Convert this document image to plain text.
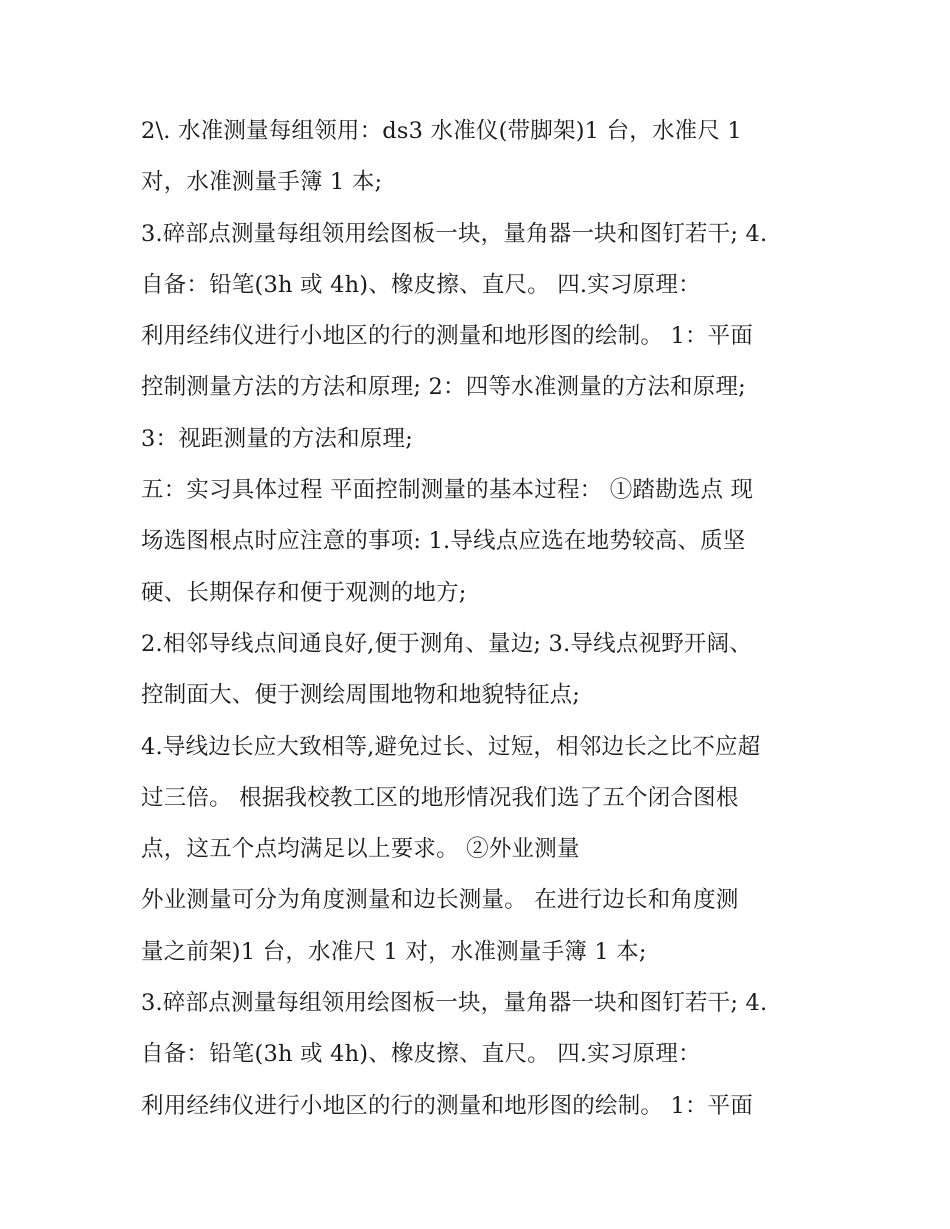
2\. 水准测量每组领用：ds3 水准仪(带脚架)1 台，水准尺 1
对，水准测量手簿 1 本;
3.碎部点测量每组领用绘图板一块，量角器一块和图钉若干; 4.
自备：铅笔(3h 或 4h)、橡皮擦、直尺。 四.实习原理：
利用经纬仪进行小地区的行的测量和地形图的绘制。 1：平面
控制测量方法的方法和原理; 2：四等水准测量的方法和原理;
3：视距测量的方法和原理;
五：实习具体过程 平面控制测量的基本过程： ①踏勘选点 现
场选图根点时应注意的事项: 1.导线点应选在地势较高、质坚
硬、长期保存和便于观测的地方;
2.相邻导线点间通良好,便于测角、量边; 3.导线点视野开阔、
控制面大、便于测绘周围地物和地貌特征点;
4.导线边长应大致相等,避免过长、过短，相邻边长之比不应超
过三倍。 根据我校教工区的地形情况我们选了五个闭合图根
点，这五个点均满足以上要求。 ②外业测量
外业测量可分为角度测量和边长测量。 在进行边长和角度测
量之前架)1 台，水准尺 1 对，水准测量手簿 1 本;
3.碎部点测量每组领用绘图板一块，量角器一块和图钉若干; 4.
自备：铅笔(3h 或 4h)、橡皮擦、直尺。 四.实习原理：
利用经纬仪进行小地区的行的测量和地形图的绘制。 1：平面
